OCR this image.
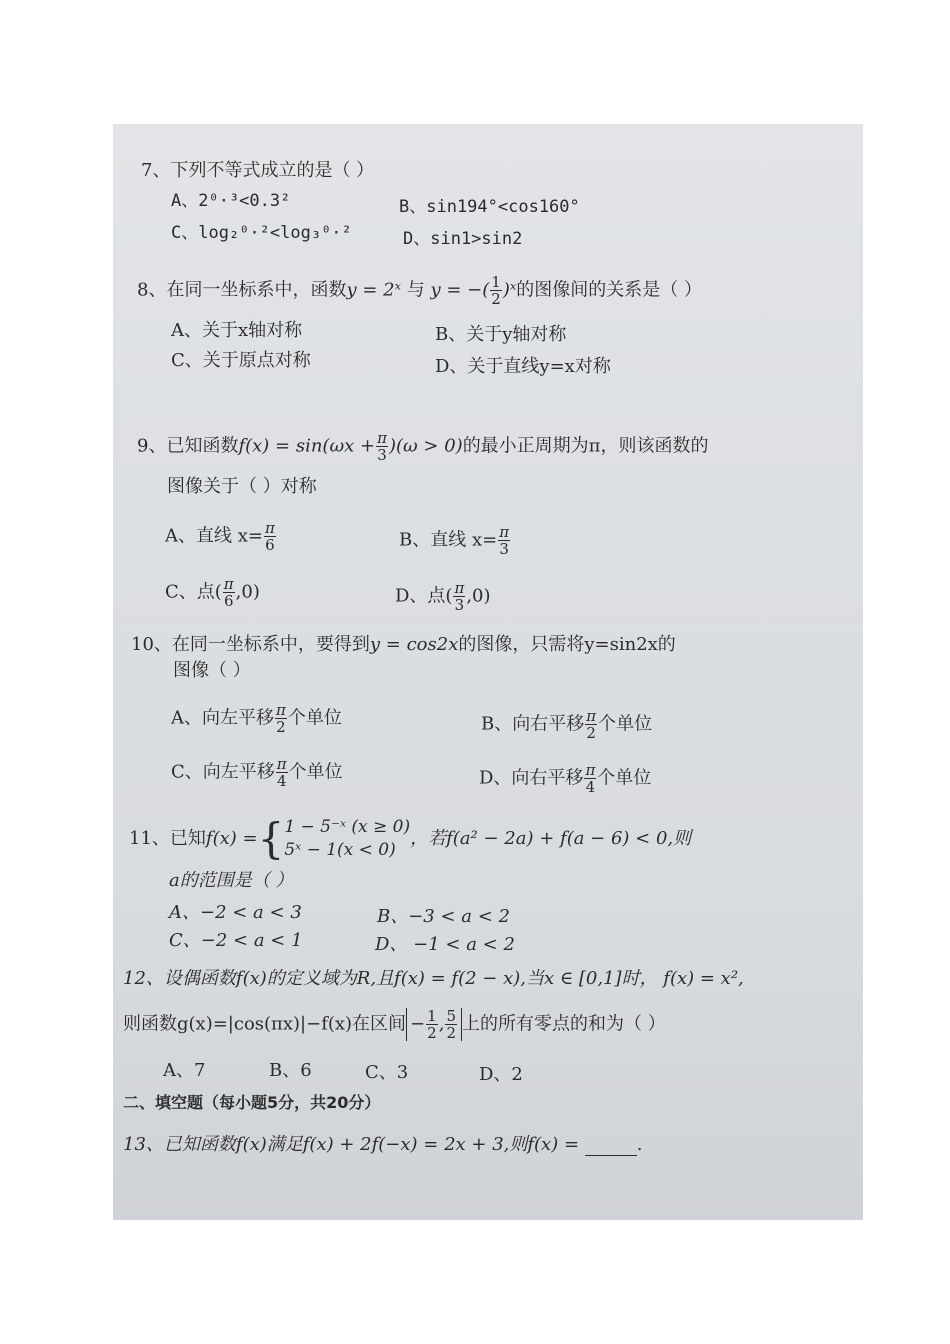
7、下列不等式成立的是（ ）
A、2⁰·³<0.3²	B、sin194°<cos160°
C、log₂⁰·²<log₃⁰·²	D、sin1>sin2
8、在同一坐标系中，函数y = 2ˣ 与 y = −( $\frac{1}{2}$ )ˣ的图像间的关系是（ ）
A、关于x轴对称	B、关于y轴对称
C、关于原点对称	D、关于直线y=x对称
9、已知函数$f(x) = \sin(\omega x + \frac{\pi}{3} )(\omega > 0)$的最小正周期为π，则该函数的
图像关于（ ）对称
A、直线 $x= \frac{\pi}{6}$	B、直线 $x= \frac{\pi}{3}$
C、点( $\frac{\pi}{6} ,0$)	D、点( $\frac{\pi}{3} ,0$)
10、在同一坐标系中，要得到y = cos2x的图像，只需将y=sin2x的
图像（ ）
A、向左平移 $\frac{\pi}{2}$ 个单位	B、向右平移 $\frac{\pi}{2}$ 个单位
C、向左平移 $\frac{\pi}{4}$ 个单位	D、向右平移 $\frac{\pi}{4}$ 个单位
11、已知f(x) ={ 1 − 5⁻ˣ (x ≥ 0)
5ˣ − 1(x < 0)
，若f(a² − 2a) + f(a − 6) < 0,则
a的范围是（ ）
A、−2 < a < 3	B、−3 < a < 2
C、−2 < a < 1	D、 −1 < a < 2
12、设偶函数f(x)的定义域为R,且f(x) = f(2 − x),当x ∈ [0,1]时， f(x) = x²,
则函数g(x)=|cos(πx)|−f(x)在区间 − $\frac{1}{2}$ , $\frac{5}{2}$ 上的所有零点的和为（ ）
A、7	B、6	C、3	D、2
二、填空题（每小题5分，共20分）
13、已知函数f(x)满足f(x) + 2f(−x) = 2x + 3,则f(x) =	.
